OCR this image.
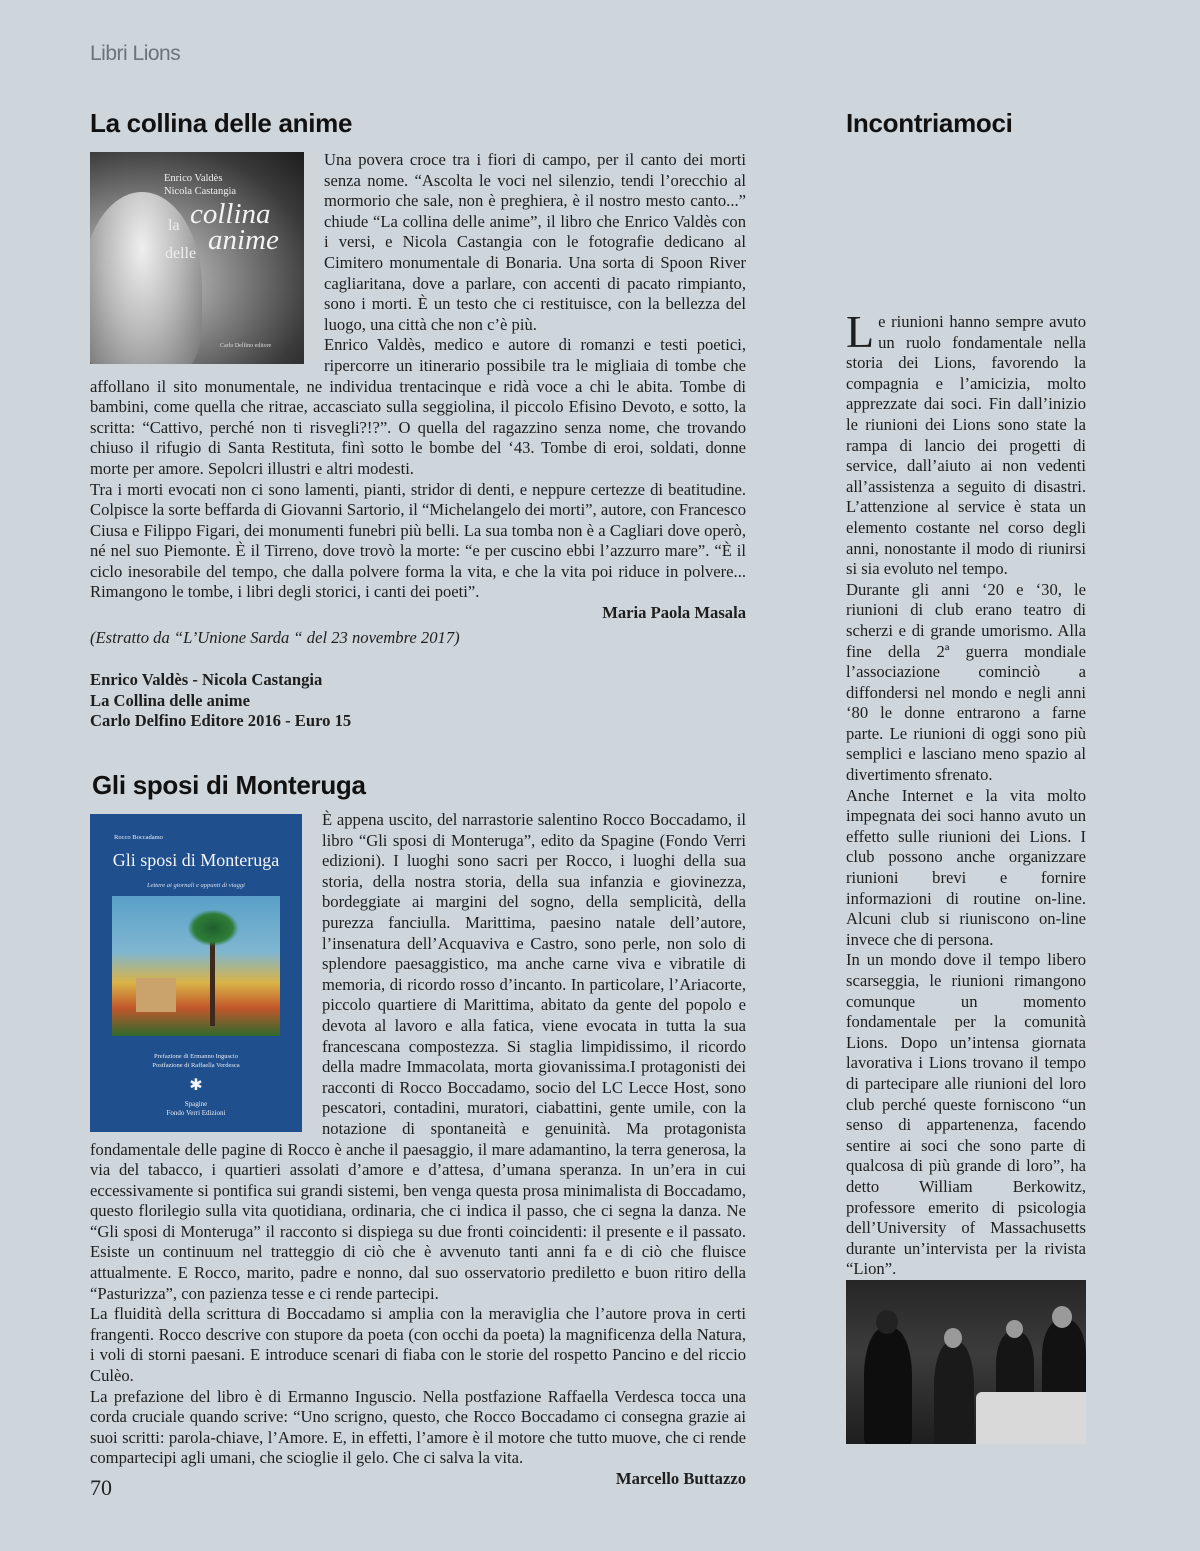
Libri Lions
La collina delle anime
Enrico Valdès
Nicola Castangia
la collina
delle anime
Carlo Delfino editore

Una povera croce tra i fiori di campo, per il canto dei morti senza nome. “Ascolta le voci nel silenzio, tendi l’orecchio al mormorio che sale, non è preghiera, è il nostro mesto canto...” chiude “La collina delle anime”, il libro che Enrico Valdès con i versi, e Nicola Castangia con le fotografie dedicano al Cimitero monumentale di Bonaria. Una sorta di Spoon River cagliaritana, dove a parlare, con accenti di pacato rimpianto, sono i morti. È un testo che ci restituisce, con la bellezza del luogo, una città che non c’è più.

Enrico Valdès, medico e autore di romanzi e testi poetici, ripercorre un itinerario possibile tra le migliaia di tombe che affollano il sito monumentale, ne individua trentacinque e ridà voce a chi le abita. Tombe di bambini, come quella che ritrae, accasciato sulla seggiolina, il piccolo Efisino Devoto, e sotto, la scritta: “Cattivo, perché non ti risvegli?!?”. O quella del ragazzino senza nome, che trovando chiuso il rifugio di Santa Restituta, finì sotto le bombe del ‘43. Tombe di eroi, soldati, donne morte per amore. Sepolcri illustri e altri modesti.

Tra i morti evocati non ci sono lamenti, pianti, stridor di denti, e neppure certezze di beatitudine. Colpisce la sorte beffarda di Giovanni Sartorio, il “Michelangelo dei morti”, autore, con Francesco Ciusa e Filippo Figari, dei monumenti funebri più belli. La sua tomba non è a Cagliari dove operò, né nel suo Piemonte. È il Tirreno, dove trovò la morte: “e per cuscino ebbi l’azzurro mare”. “È il ciclo inesorabile del tempo, che dalla polvere forma la vita, e che la vita poi riduce in polvere... Rimangono le tombe, i libri degli storici, i canti dei poeti”.

Maria Paola Masala

(Estratto da “L’Unione Sarda “ del 23 novembre 2017)

Enrico Valdès - Nicola Castangia
La Collina delle anime
Carlo Delfino Editore 2016 - Euro 15
Gli sposi di Monteruga
Rocco Boccadamo
Gli sposi di Monteruga
Lettere ai giornali e appunti di viaggi
Prefazione di Ermanno Inguscio
Postfazione di Raffaella Verdesca
✱
Spagine
Fondo Verri Edizioni

È appena uscito, del narrastorie salentino Rocco Boccadamo, il libro “Gli sposi di Monteruga”, edito da Spagine (Fondo Verri edizioni). I luoghi sono sacri per Rocco, i luoghi della sua storia, della nostra storia, della sua infanzia e giovinezza, bordeggiate ai margini del sogno, della semplicità, della purezza fanciulla. Marittima, paesino natale dell’autore, l’insenatura dell’Acquaviva e Castro, sono perle, non solo di splendore paesaggistico, ma anche carne viva e vibratile di memoria, di ricordo rosso d’incanto. In particolare, l’Ariacorte, piccolo quartiere di Marittima, abitato da gente del popolo e devota al lavoro e alla fatica, viene evocata in tutta la sua francescana compostezza. Si staglia limpidissimo, il ricordo della madre Immacolata, morta giovanissima.I protagonisti dei racconti di Rocco Boccadamo, socio del LC Lecce Host, sono pescatori, contadini, muratori, ciabattini, gente umile, con la notazione di spontaneità e genuinità. Ma protagonista fondamentale delle pagine di Rocco è anche il paesaggio, il mare adamantino, la terra generosa, la via del tabacco, i quartieri assolati d’amore e d’attesa, d’umana speranza. In un’era in cui eccessivamente si pontifica sui grandi sistemi, ben venga questa prosa minimalista di Boccadamo, questo florilegio sulla vita quotidiana, ordinaria, che ci indica il passo, che ci segna la danza. Ne “Gli sposi di Monteruga” il racconto si dispiega su due fronti coincidenti: il presente e il passato. Esiste un continuum nel tratteggio di ciò che è avvenuto tanti anni fa e di ciò che fluisce attualmente. E Rocco, marito, padre e nonno, dal suo osservatorio prediletto e buon ritiro della “Pasturizza”, con pazienza tesse e ci rende partecipi.

La fluidità della scrittura di Boccadamo si amplia con la meraviglia che l’autore prova in certi frangenti. Rocco descrive con stupore da poeta (con occhi da poeta) la magnificenza della Natura, i voli di storni paesani. E introduce scenari di fiaba con le storie del rospetto Pancino e del riccio Culèo.

La prefazione del libro è di Ermanno Inguscio. Nella postfazione Raffaella Verdesca tocca una corda cruciale quando scrive: “Uno scrigno, questo, che Rocco Boccadamo ci consegna grazie ai suoi scritti: parola-chiave, l’Amore. E, in effetti, l’amore è il motore che tutto muove, che ci rende compartecipi agli umani, che scioglie il gelo. Che ci salva la vita.

Marcello Buttazzo

Incontriamoci
L e riunioni hanno sempre avuto un ruolo fondamentale nella storia dei Lions, favorendo la compagnia e l’amicizia, molto apprezzate dai soci. Fin dall’inizio le riunioni dei Lions sono state la rampa di lancio dei progetti di service, dall’aiuto ai non vedenti all’assistenza a seguito di disastri. L’attenzione al service è stata un elemento costante nel corso degli anni, nonostante il modo di riunirsi si sia evoluto nel tempo.

Durante gli anni ‘20 e ‘30, le riunioni di club erano teatro di scherzi e di grande umorismo. Alla fine della 2ª guerra mondiale l’associazione cominciò a diffondersi nel mondo e negli anni ‘80 le donne entrarono a farne parte. Le riunioni di oggi sono più semplici e lasciano meno spazio al divertimento sfrenato.

Anche Internet e la vita molto impegnata dei soci hanno avuto un effetto sulle riunioni dei Lions. I club possono anche organizzare riunioni brevi e fornire informazioni di routine on-line. Alcuni club si riuniscono on-line invece che di persona.

In un mondo dove il tempo libero scarseggia, le riunioni rimangono comunque un momento fondamentale per la comunità Lions. Dopo un’intensa giornata lavorativa i Lions trovano il tempo di partecipare alle riunioni del loro club perché queste forniscono “un senso di appartenenza, facendo sentire ai soci che sono parte di qualcosa di più grande di loro”, ha detto William Berkowitz, professore emerito di psicologia dell’University of Massachusetts durante un’intervista per la rivista “Lion”.

70
